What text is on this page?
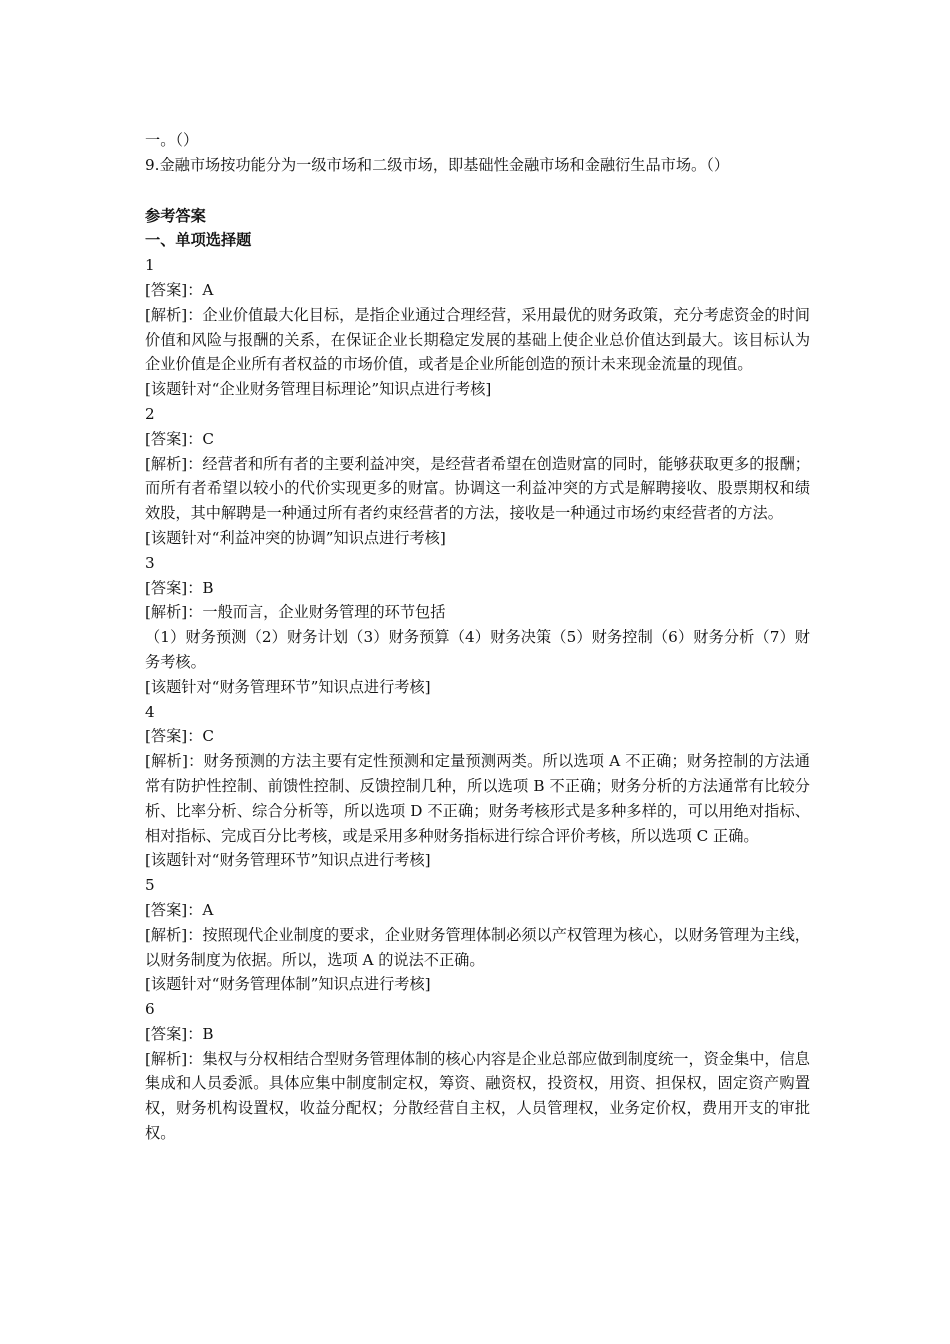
一。（）

9.金融市场按功能分为一级市场和二级市场，即基础性金融市场和金融衍生品市场。（）

参考答案

一、单项选择题

1

[答案]：A

[解析]：企业价值最大化目标，是指企业通过合理经营，采用最优的财务政策，充分考虑资金的时间价值和风险与报酬的关系，在保证企业长期稳定发展的基础上使企业总价值达到最大。该目标认为企业价值是企业所有者权益的市场价值，或者是企业所能创造的预计未来现金流量的现值。

[该题针对“企业财务管理目标理论”知识点进行考核]

2

[答案]：C

[解析]：经营者和所有者的主要利益冲突，是经营者希望在创造财富的同时，能够获取更多的报酬；而所有者希望以较小的代价实现更多的财富。协调这一利益冲突的方式是解聘接收、股票期权和绩效股，其中解聘是一种通过所有者约束经营者的方法，接收是一种通过市场约束经营者的方法。

[该题针对“利益冲突的协调”知识点进行考核]

3

[答案]：B

[解析]：一般而言，企业财务管理的环节包括

（1）财务预测（2）财务计划（3）财务预算（4）财务决策（5）财务控制（6）财务分析（7）财务考核。

[该题针对“财务管理环节”知识点进行考核]

4

[答案]：C

[解析]：财务预测的方法主要有定性预测和定量预测两类。所以选项 A 不正确；财务控制的方法通常有防护性控制、前馈性控制、反馈控制几种，所以选项 B 不正确；财务分析的方法通常有比较分析、比率分析、综合分析等，所以选项 D 不正确；财务考核形式是多种多样的，可以用绝对指标、相对指标、完成百分比考核，或是采用多种财务指标进行综合评价考核，所以选项 C 正确。

[该题针对“财务管理环节”知识点进行考核]

5

[答案]：A

[解析]：按照现代企业制度的要求，企业财务管理体制必须以产权管理为核心，以财务管理为主线，以财务制度为依据。所以，选项 A 的说法不正确。

[该题针对“财务管理体制”知识点进行考核]

6

[答案]：B

[解析]：集权与分权相结合型财务管理体制的核心内容是企业总部应做到制度统一，资金集中，信息集成和人员委派。具体应集中制度制定权，筹资、融资权，投资权，用资、担保权，固定资产购置权，财务机构设置权，收益分配权；分散经营自主权，人员管理权，业务定价权，费用开支的审批权。
